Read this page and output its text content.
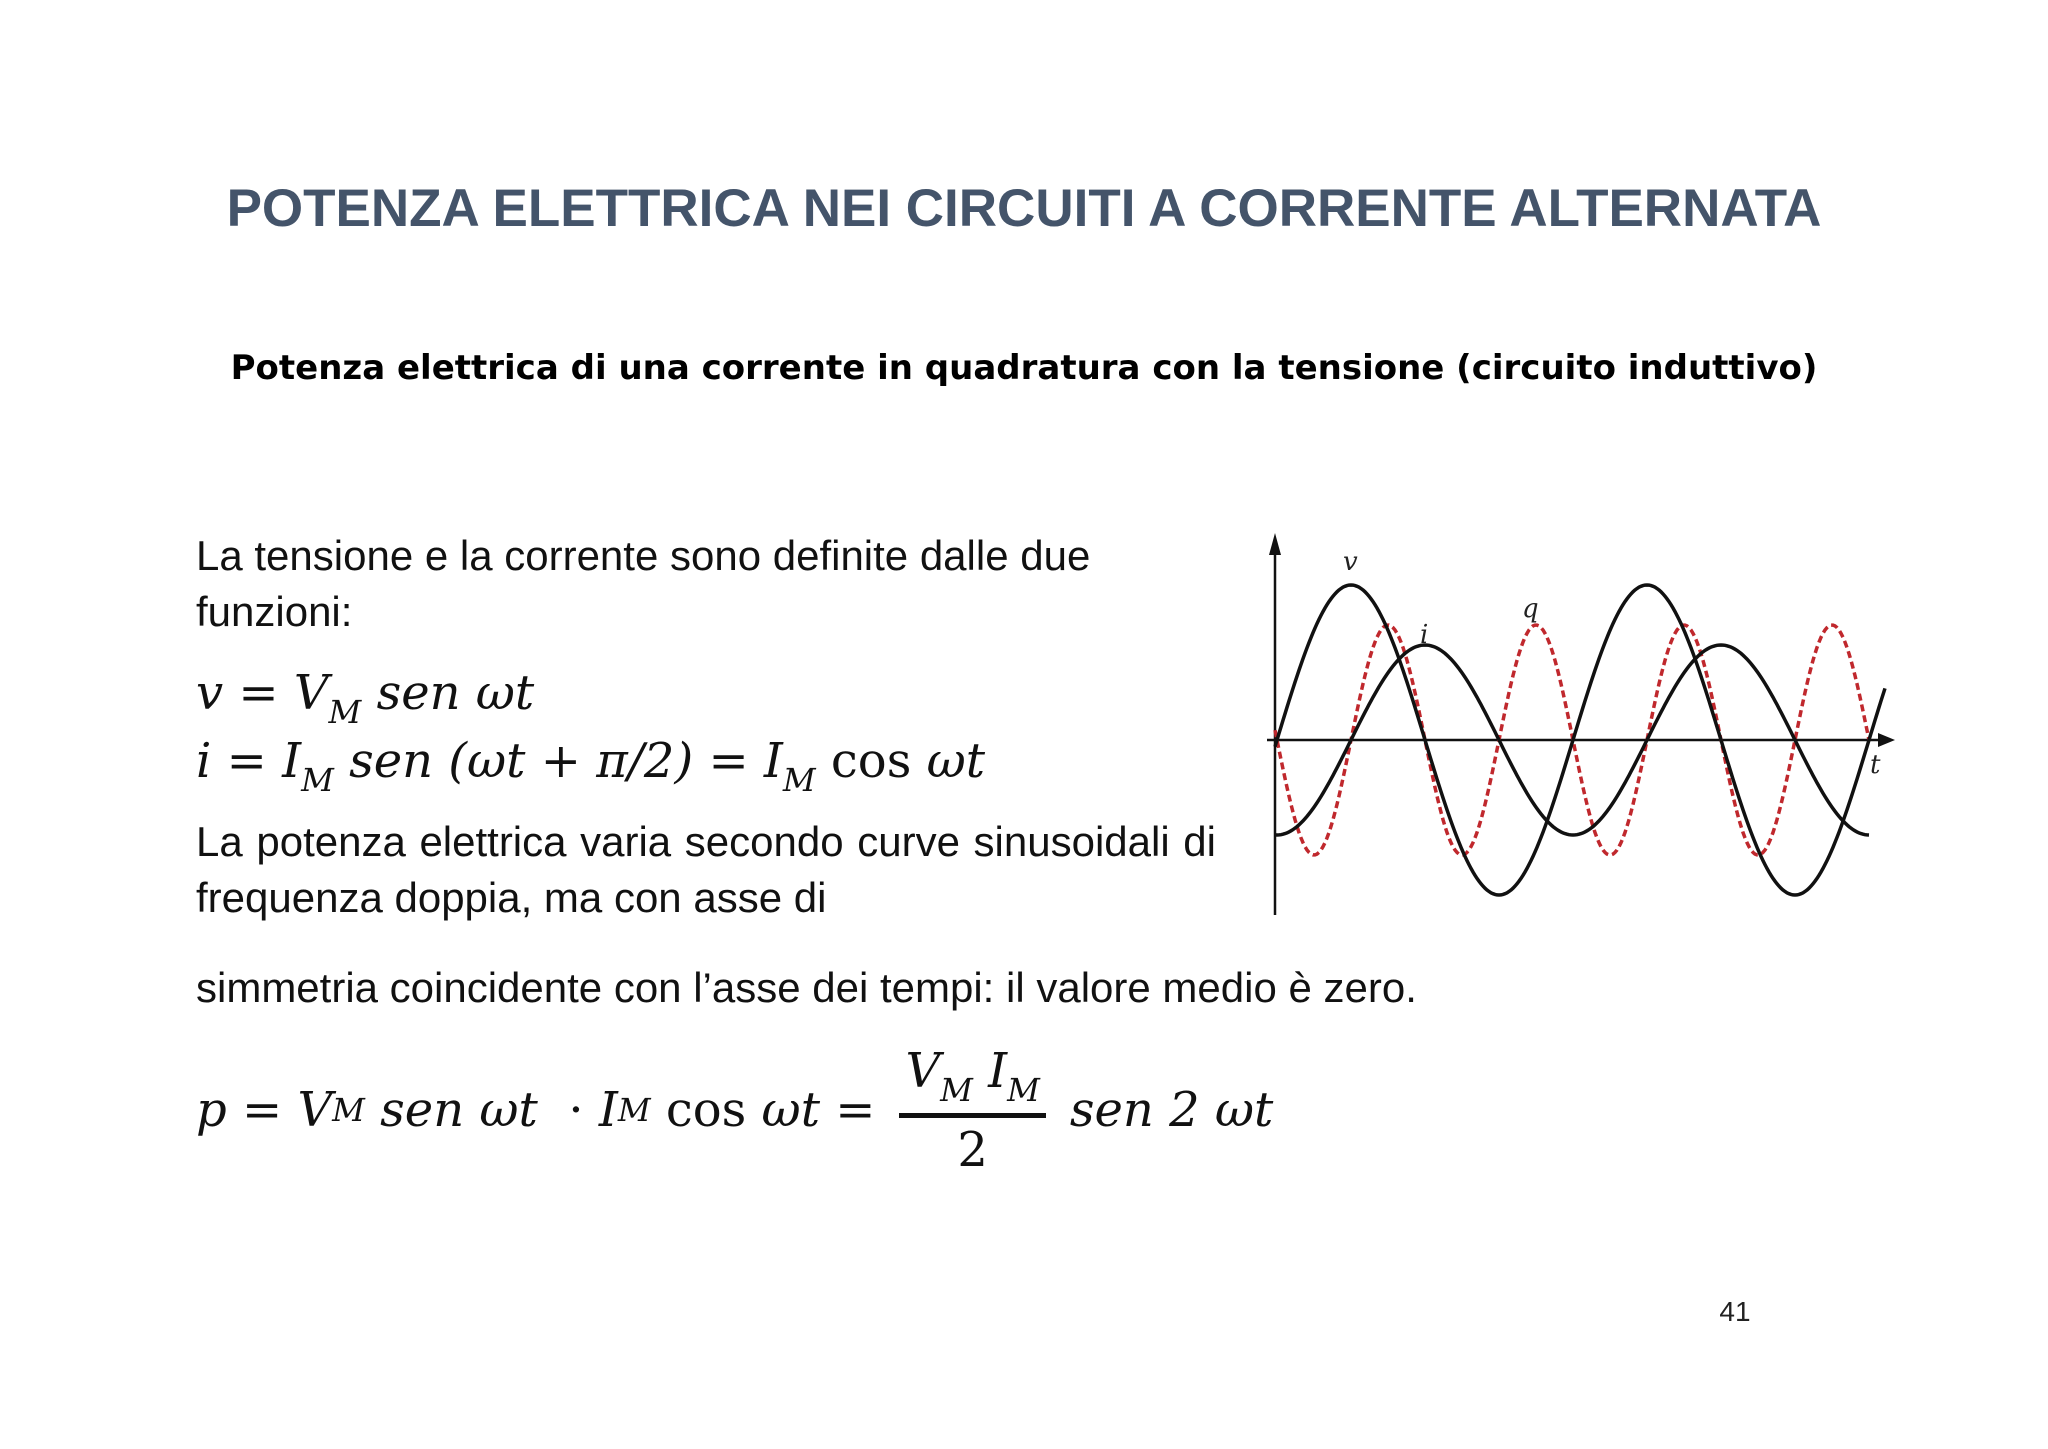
POTENZA ELETTRICA NEI CIRCUITI A CORRENTE ALTERNATA
Potenza elettrica di una corrente in quadratura con la tensione (circuito induttivo)
La tensione e la corrente sono definite dalle due funzioni:
$v = V_M$ sen ωt
$i = I_M$ sen $(\omega t + \pi/2) = I_M$ cos ωt
La potenza elettrica varia secondo curve sinusoidali di frequenza doppia, ma con asse di
simmetria coincidente con l’asse dei tempi: il valore medio è zero.
p =
V M
sen ωt
·
I M
cos
$\omega t = \frac{V_M I_M}{2}$ sen 2 ωt
v
i
q
t
41
